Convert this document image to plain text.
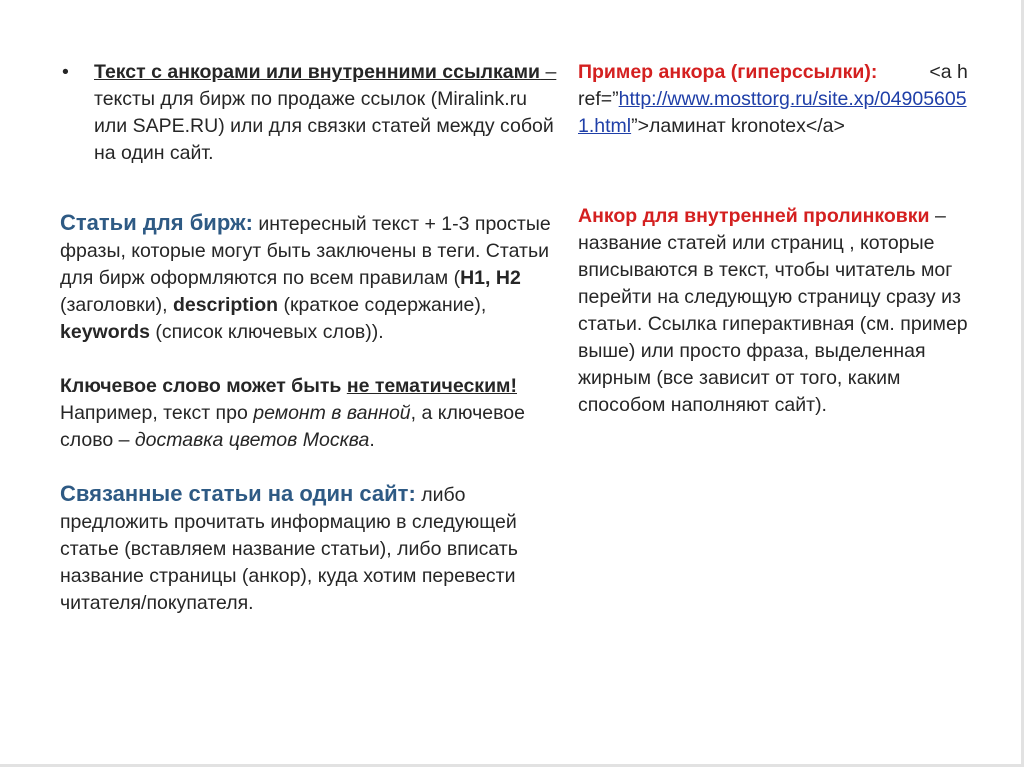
• Текст с анкорами или внутренними ссылками – тексты для бирж по продаже ссылок (Miralink.ru или SAPE.RU) или для связки статей между собой на один сайт.

Статьи для бирж: интересный текст + 1-3 простые фразы, которые могут быть заключены в теги. Статьи для бирж оформляются по всем правилам (H1, H2 (заголовки), description (краткое содержание), keywords (список ключевых слов)).

Ключевое слово может быть не тематическим! Например, текст про ремонт в ванной, а ключевое слово – доставка цветов Москва.

Связанные статьи на один сайт: либо предложить прочитать информацию в следующей статье (вставляем название статьи), либо вписать название страницы (анкор), куда хотим перевести читателя/покупателя.

Пример анкора (гиперссылки):	<a href=”http://www.mosttorg.ru/site.xp/049056051.html”>ламинат kronotex</a>

Анкор для внутренней пролинковки – название статей или страниц , которые вписываются в текст, чтобы читатель мог перейти на следующую страницу сразу из статьи. Ссылка гиперактивная (см. пример выше) или просто фраза, выделенная жирным (все зависит от того, каким способом наполняют сайт).
